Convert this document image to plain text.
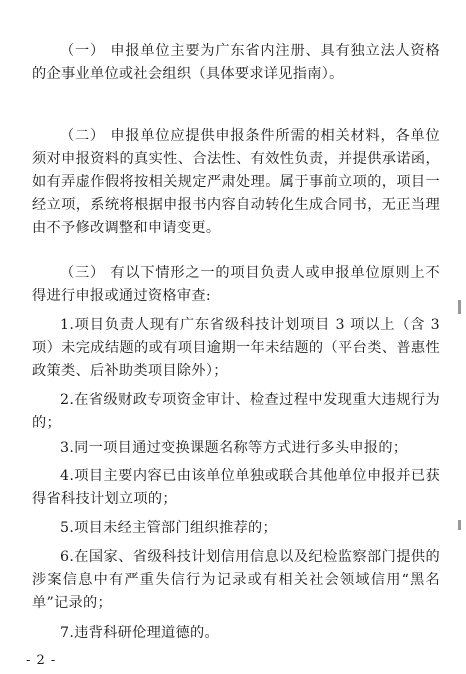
（一） 申报单位主要为广东省内注册、具有独立法人资格的企事业单位或社会组织（具体要求详见指南）。

（二） 申报单位应提供申报条件所需的相关材料，各单位须对申报资料的真实性、合法性、有效性负责，并提供承诺函，如有弄虚作假将按相关规定严肃处理。属于事前立项的，项目一经立项，系统将根据申报书内容自动转化生成合同书，无正当理由不予修改调整和申请变更。

（三） 有以下情形之一的项目负责人或申报单位原则上不得进行申报或通过资格审查:

1.项目负责人现有广东省级科技计划项目 3 项以上（含 3 项）未完成结题的或有项目逾期一年未结题的（平台类、普惠性政策类、后补助类项目除外）；

2.在省级财政专项资金审计、检查过程中发现重大违规行为的；

3.同一项目通过变换课题名称等方式进行多头申报的；

4.项目主要内容已由该单位单独或联合其他单位申报并已获得省科技计划立项的；

5.项目未经主管部门组织推荐的；

6.在国家、省级科技计划信用信息以及纪检监察部门提供的涉案信息中有严重失信行为记录或有相关社会领域信用“黑名单”记录的；

7.违背科研伦理道德的。

- 2 -
